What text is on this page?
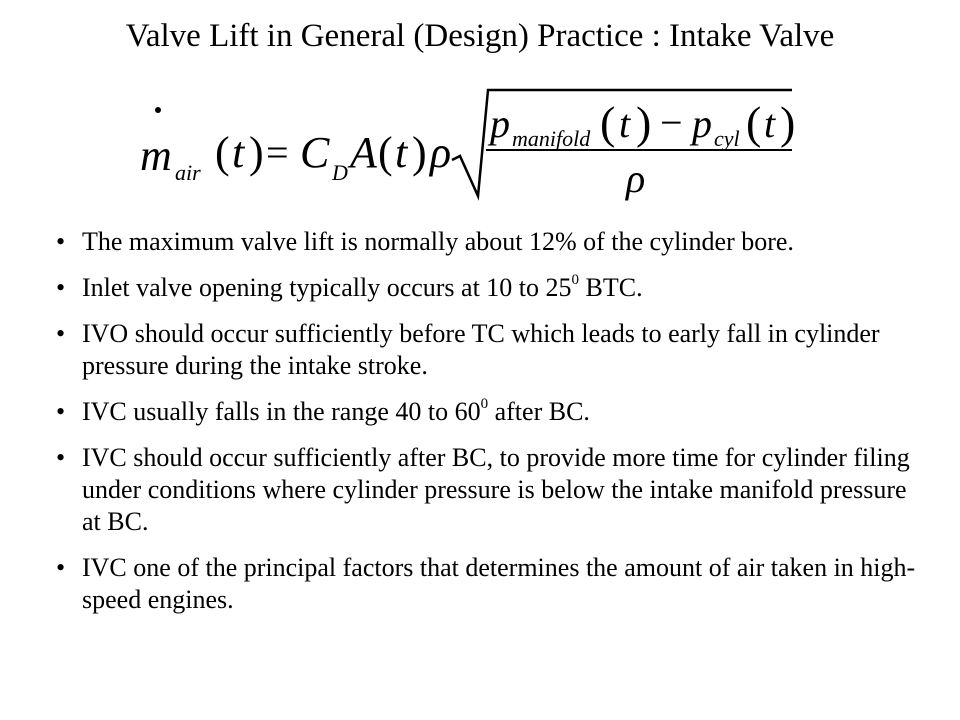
Valve Lift in General (Design) Practice : Intake Valve
m air ( t ) = C D A ( t ) ρ
p manifold ( t ) − p cyl ( t )
ρ
• The maximum valve lift is normally about 12% of the cylinder bore.
• Inlet valve opening typically occurs at 10 to $25^0$ BTC.
• IVO should occur sufficiently before TC which leads to early fall in cylinder pressure during the intake stroke.
• IVC usually falls in the range 40 to $60^0$ after BC.
• IVC should occur sufficiently after BC, to provide more time for cylinder filing under conditions where cylinder pressure is below the intake manifold pressure at BC.
• IVC one of the principal factors that determines the amount of air taken in high-speed engines.
